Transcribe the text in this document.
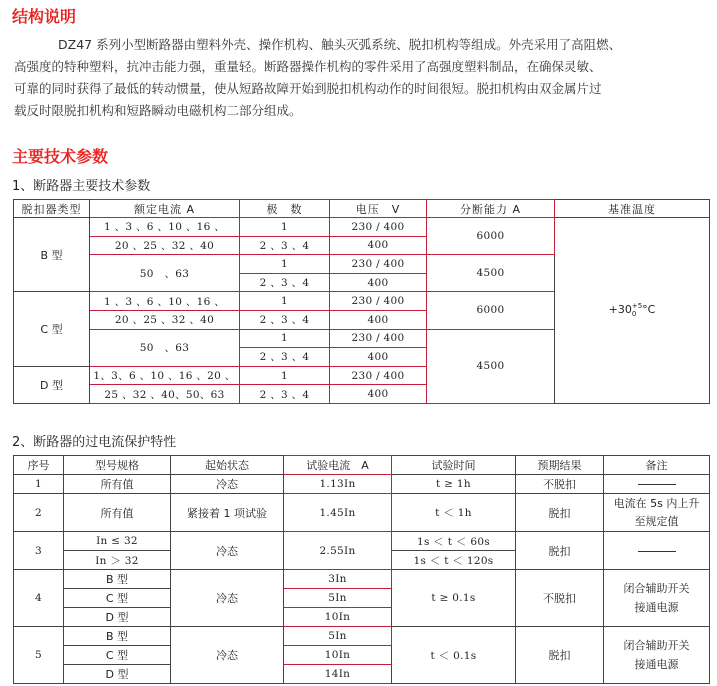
结构说明
DZ47 系列小型断路器由塑料外壳、操作机构、触头灭弧系统、脱扣机构等组成。外壳采用了高阻燃、
高强度的特种塑料，抗冲击能力强，重量轻。断路器操作机构的零件采用了高强度塑料制品，在确保灵敏、
可靠的同时获得了最低的转动惯量，使从短路故障开始到脱扣机构动作的时间很短。脱扣机构由双金属片过
载反时限脱扣机构和短路瞬动电磁机构二部分组成。
主要技术参数
1、断路器主要技术参数
脱扣器类型	额定电流 A	极　数	电压　V	分断能力 A	基准温度
B 型	1 、3 、6 、10 、16 、	1	230 / 400	6000	+30 +5
0 °C
	20 、25 、32 、40	2 、3 、4	400		
	50　、63	1	230 / 400	4500	
		2 、3 、4	400		
C 型	1 、3 、6 、10 、16 、	1	230 / 400	6000	
	20 、25 、32 、40	2 、3 、4	400		
	50　、63	1	230 / 400	4500	
		2 、3 、4	400		
D 型	1、3、6 、10 、16 、20 、	1	230 / 400		
	25 、32 、40、50、63	2 、3 、4	400		
2、断路器的过电流保护特性
序号	型号规格	起始状态	试验电流　A	试验时间	预期结果	备注
1	所有值	冷态	1.13In	t ≥ 1h	不脱扣	
2	所有值	紧接着 1 项试验	1.45In	t ＜ 1h	脱扣	电流在 5s 内上升
至规定值

3	In ≤ 32	冷态	2.55In	1s ＜ t ＜ 60s	脱扣	
	In ＞ 32			1s ＜ t ＜ 120s		
4	B 型	冷态	3In	t ≥ 0.1s	不脱扣	闭合辅助开关
接通电源

	C 型		5In			
	D 型		10In			
5	B 型	冷态	5In	t ＜ 0.1s	脱扣	闭合辅助开关
接通电源

	C 型		10In			
	D 型		14In			
